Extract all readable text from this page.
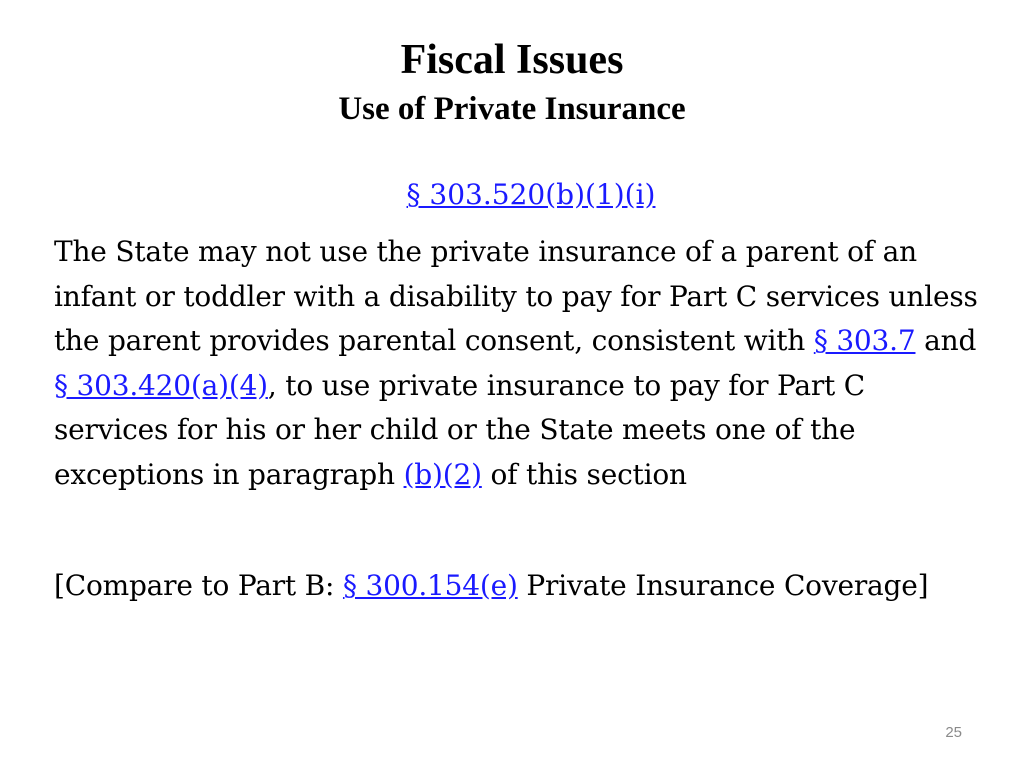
Fiscal Issues
Use of Private Insurance
§ 303.520(b)(1)(i)
The State may not use the private insurance of a parent of an infant or toddler with a disability to pay for Part C services unless the parent provides parental consent, consistent with § 303.7 and § 303.420(a)(4), to use private insurance to pay for Part C services for his or her child or the State meets one of the exceptions in paragraph (b)(2) of this section
[Compare to Part B: § 300.154(e) Private Insurance Coverage]
25
